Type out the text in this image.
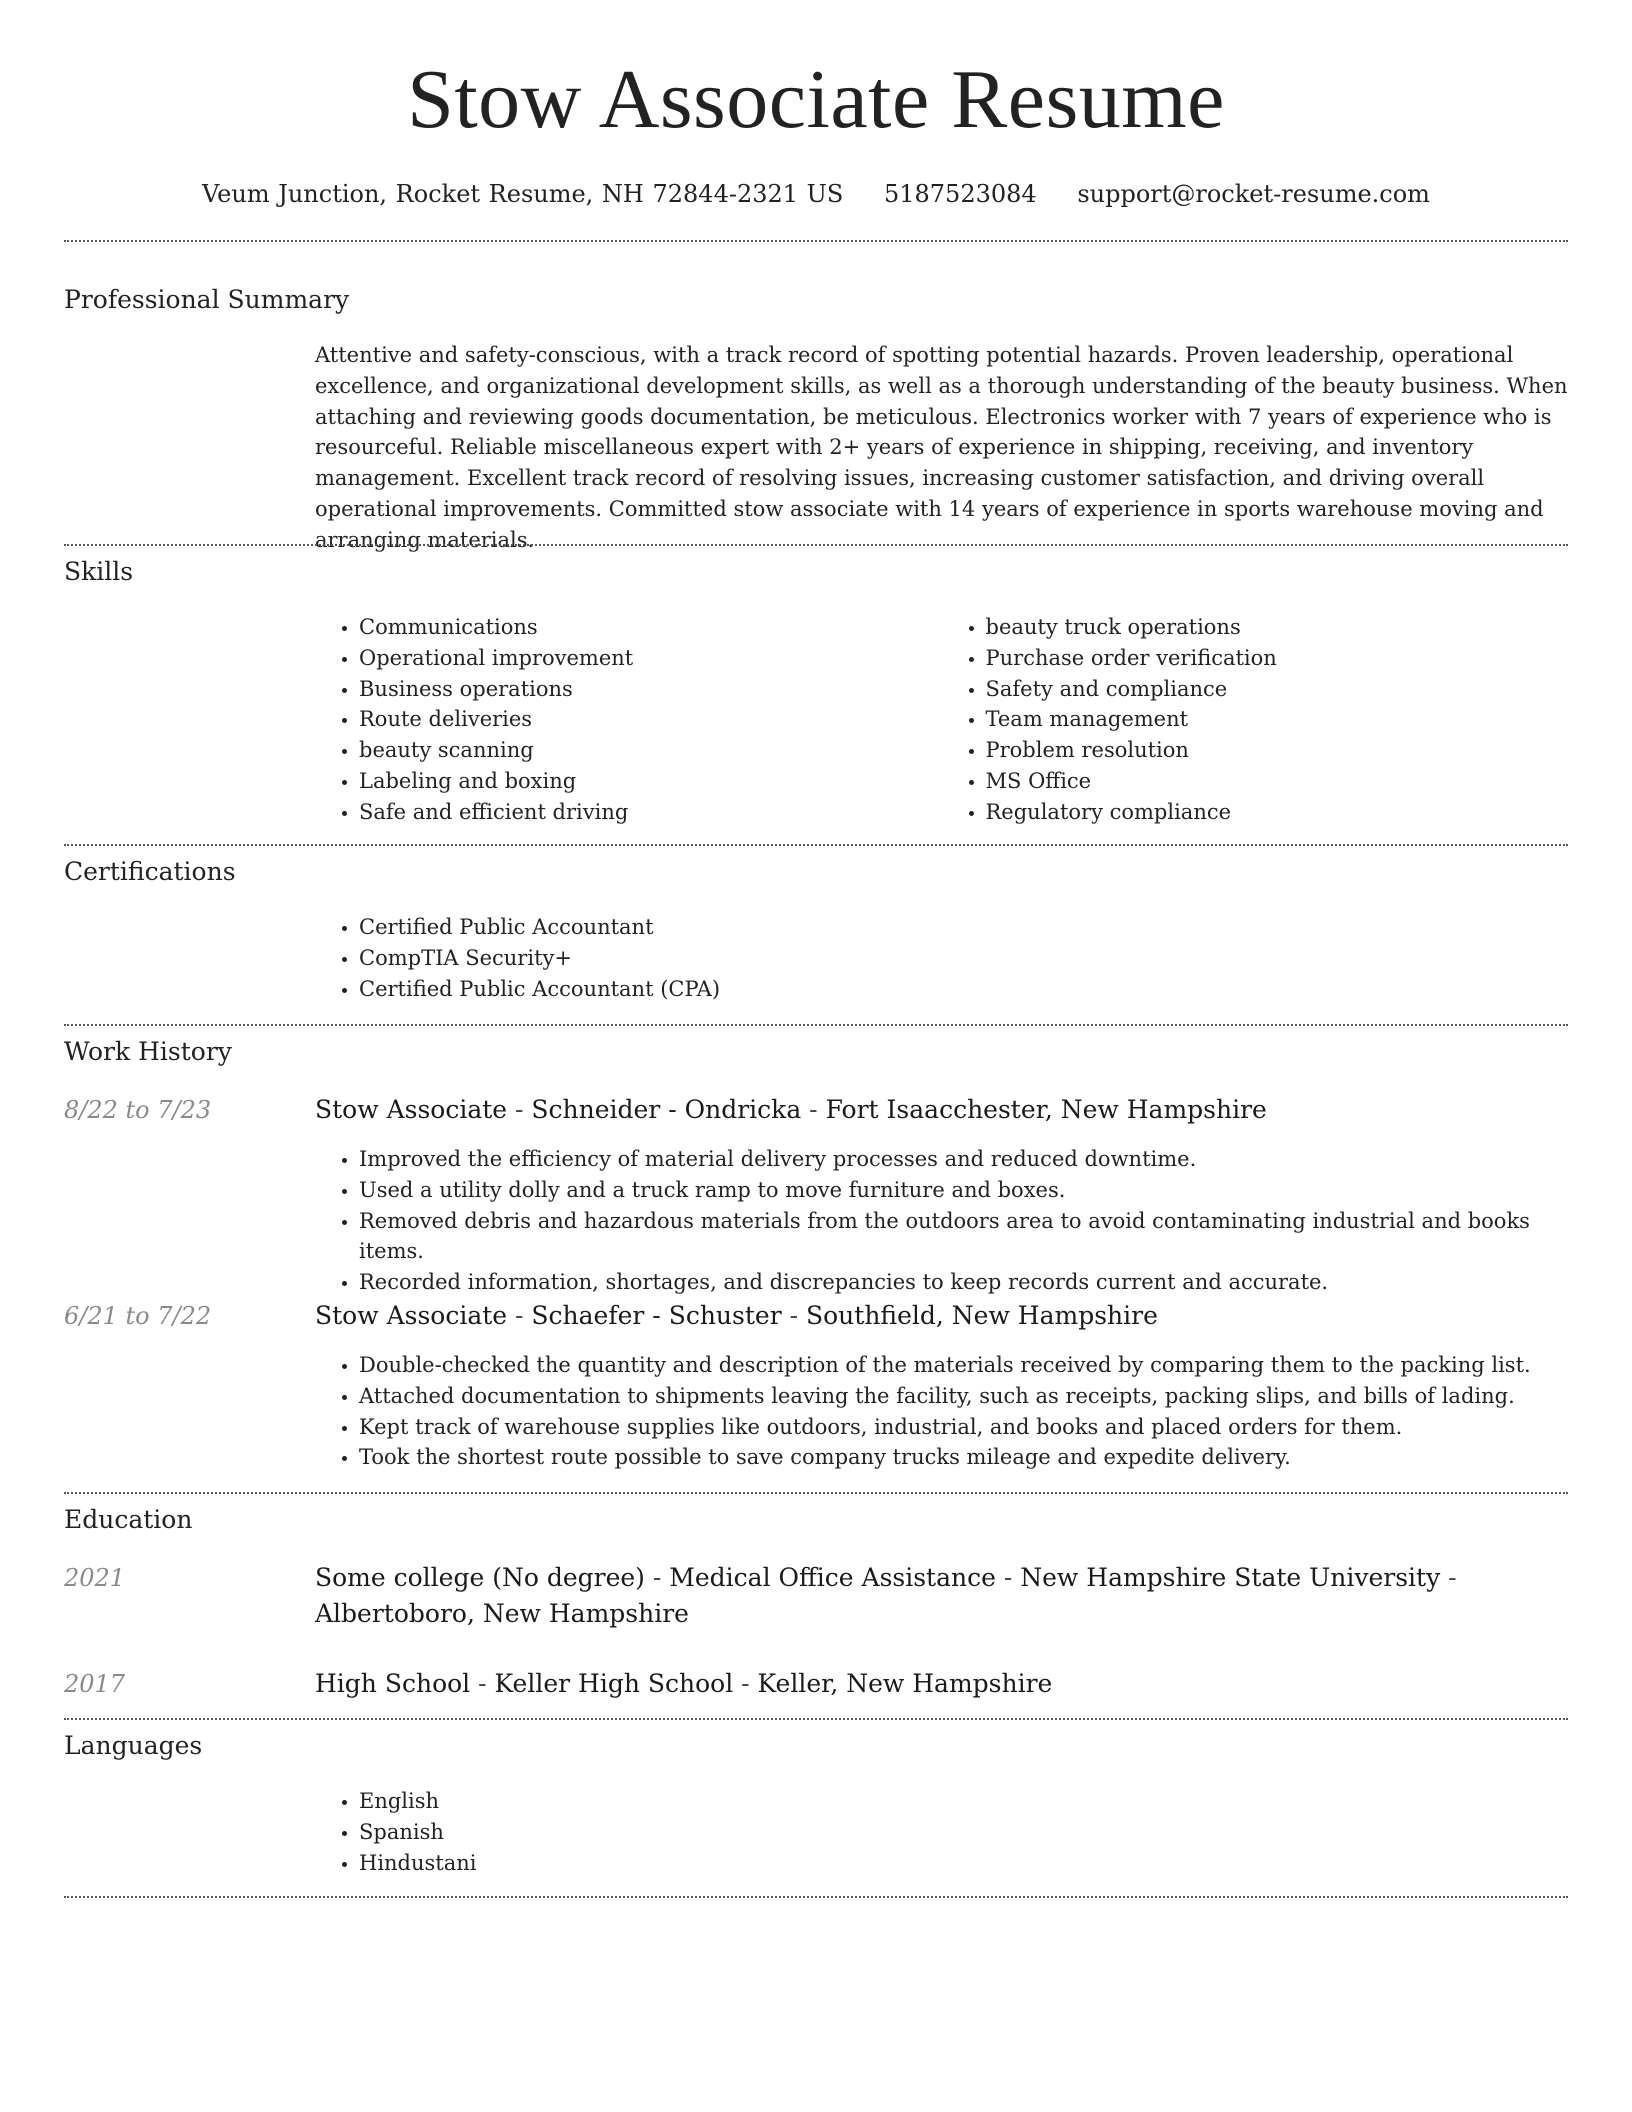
Stow Associate Resume
Veum Junction, Rocket Resume, NH 72844-2321 US 5187523084 support@rocket-resume.com
Professional Summary
Attentive and safety-conscious, with a track record of spotting potential hazards. Proven leadership, operational excellence, and organizational development skills, as well as a thorough understanding of the beauty business. When attaching and reviewing goods documentation, be meticulous. Electronics worker with 7 years of experience who is resourceful. Reliable miscellaneous expert with 2+ years of experience in shipping, receiving, and inventory management. Excellent track record of resolving issues, increasing customer satisfaction, and driving overall operational improvements. Committed stow associate with 14 years of experience in sports warehouse moving and arranging materials.
Skills
• Communications
• Operational improvement
• Business operations
• Route deliveries
• beauty scanning
• Labeling and boxing
• Safe and efficient driving
• beauty truck operations
• Purchase order verification
• Safety and compliance
• Team management
• Problem resolution
• MS Office
• Regulatory compliance
Certifications
• Certified Public Accountant
• CompTIA Security+
• Certified Public Accountant (CPA)
Work History
8/22 to 7/23	Stow Associate - Schneider - Ondricka - Fort Isaacchester, New Hampshire
• Improved the efficiency of material delivery processes and reduced downtime.
• Used a utility dolly and a truck ramp to move furniture and boxes.
• Removed debris and hazardous materials from the outdoors area to avoid contaminating industrial and books items.
• Recorded information, shortages, and discrepancies to keep records current and accurate.
6/21 to 7/22	Stow Associate - Schaefer - Schuster - Southfield, New Hampshire
• Double-checked the quantity and description of the materials received by comparing them to the packing list.
• Attached documentation to shipments leaving the facility, such as receipts, packing slips, and bills of lading.
• Kept track of warehouse supplies like outdoors, industrial, and books and placed orders for them.
• Took the shortest route possible to save company trucks mileage and expedite delivery.
Education
2021	Some college (No degree) - Medical Office Assistance - New Hampshire State University - Albertoboro, New Hampshire
2017	High School - Keller High School - Keller, New Hampshire
Languages
• English
• Spanish
• Hindustani
